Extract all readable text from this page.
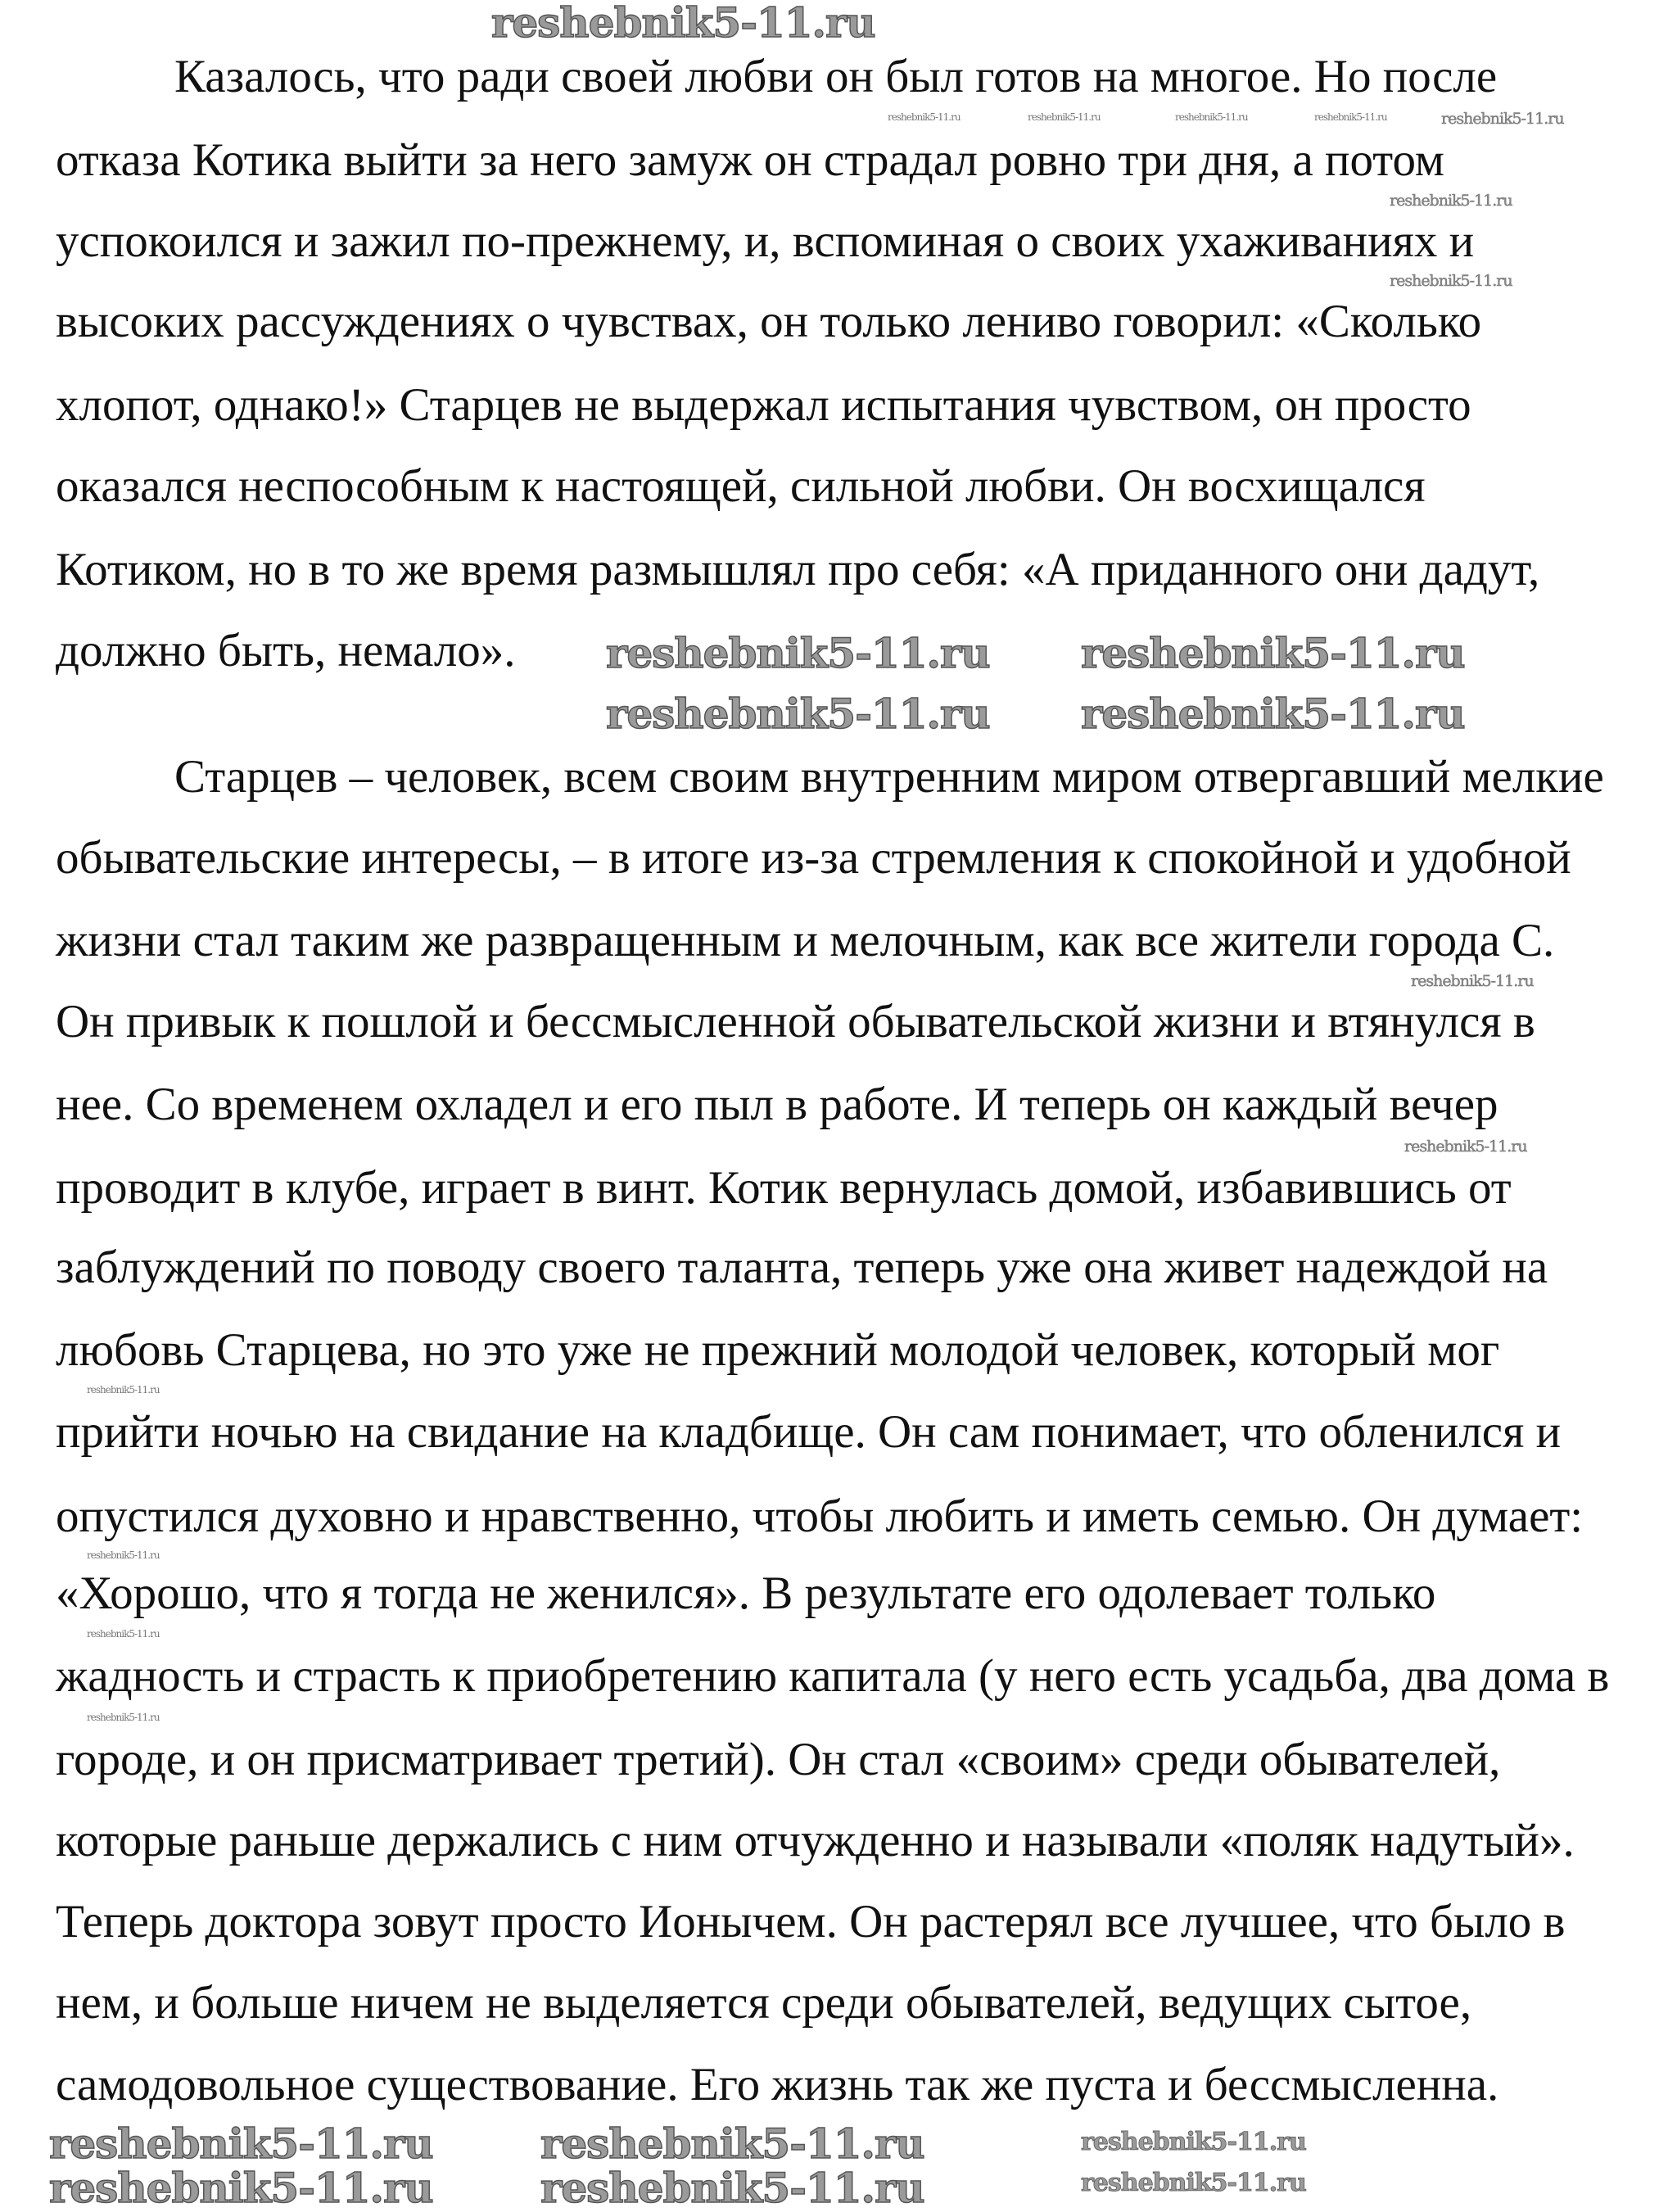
Казалось, что ради своей любви он был готов на многое. Но после
отказа Котика выйти за него замуж он страдал ровно три дня, а потом
успокоился и зажил по-прежнему, и, вспоминая о своих ухаживаниях и
высоких рассуждениях о чувствах, он только лениво говорил: «Сколько
хлопот, однако!» Старцев не выдержал испытания чувством, он просто
оказался неспособным к настоящей, сильной любви. Он восхищался
Котиком, но в то же время размышлял про себя: «А приданного они дадут,
должно быть, немало».
Старцев – человек, всем своим внутренним миром отвергавший мелкие
обывательские интересы, – в итоге из-за стремления к спокойной и удобной
жизни стал таким же развращенным и мелочным, как все жители города С.
Он привык к пошлой и бессмысленной обывательской жизни и втянулся в
нее. Со временем охладел и его пыл в работе. И теперь он каждый вечер
проводит в клубе, играет в винт. Котик вернулась домой, избавившись от
заблуждений по поводу своего таланта, теперь уже она живет надеждой на
любовь Старцева, но это уже не прежний молодой человек, который мог
прийти ночью на свидание на кладбище. Он сам понимает, что обленился и
опустился духовно и нравственно, чтобы любить и иметь семью. Он думает:
«Хорошо, что я тогда не женился». В результате его одолевает только
жадность и страсть к приобретению капитала (у него есть усадьба, два дома в
городе, и он присматривает третий). Он стал «своим» среди обывателей,
которые раньше держались с ним отчужденно и называли «поляк надутый».
Теперь доктора зовут просто Ионычем. Он растерял все лучшее, что было в
нем, и больше ничем не выделяется среди обывателей, ведущих сытое,
самодовольное существование. Его жизнь так же пуста и бессмысленна.
reshebnik5-11.ru
reshebnik5-11.ru reshebnik5-11.ru
reshebnik5-11.ru reshebnik5-11.ru
reshebnik5-11.ru	reshebnik5-11.ru
reshebnik5-11.ru	reshebnik5-11.ru
reshebnik5-11.ru
reshebnik5-11.ru
reshebnik5-11.ru
reshebnik5-11.ru
reshebnik5-11.ru
reshebnik5-11.ru
reshebnik5-11.ru
reshebnik5-11.ru	reshebnik5-11.ru	reshebnik5-11.ru	reshebnik5-11.ru
reshebnik5-11.ru
reshebnik5-11.ru
reshebnik5-11.ru
reshebnik5-11.ru
